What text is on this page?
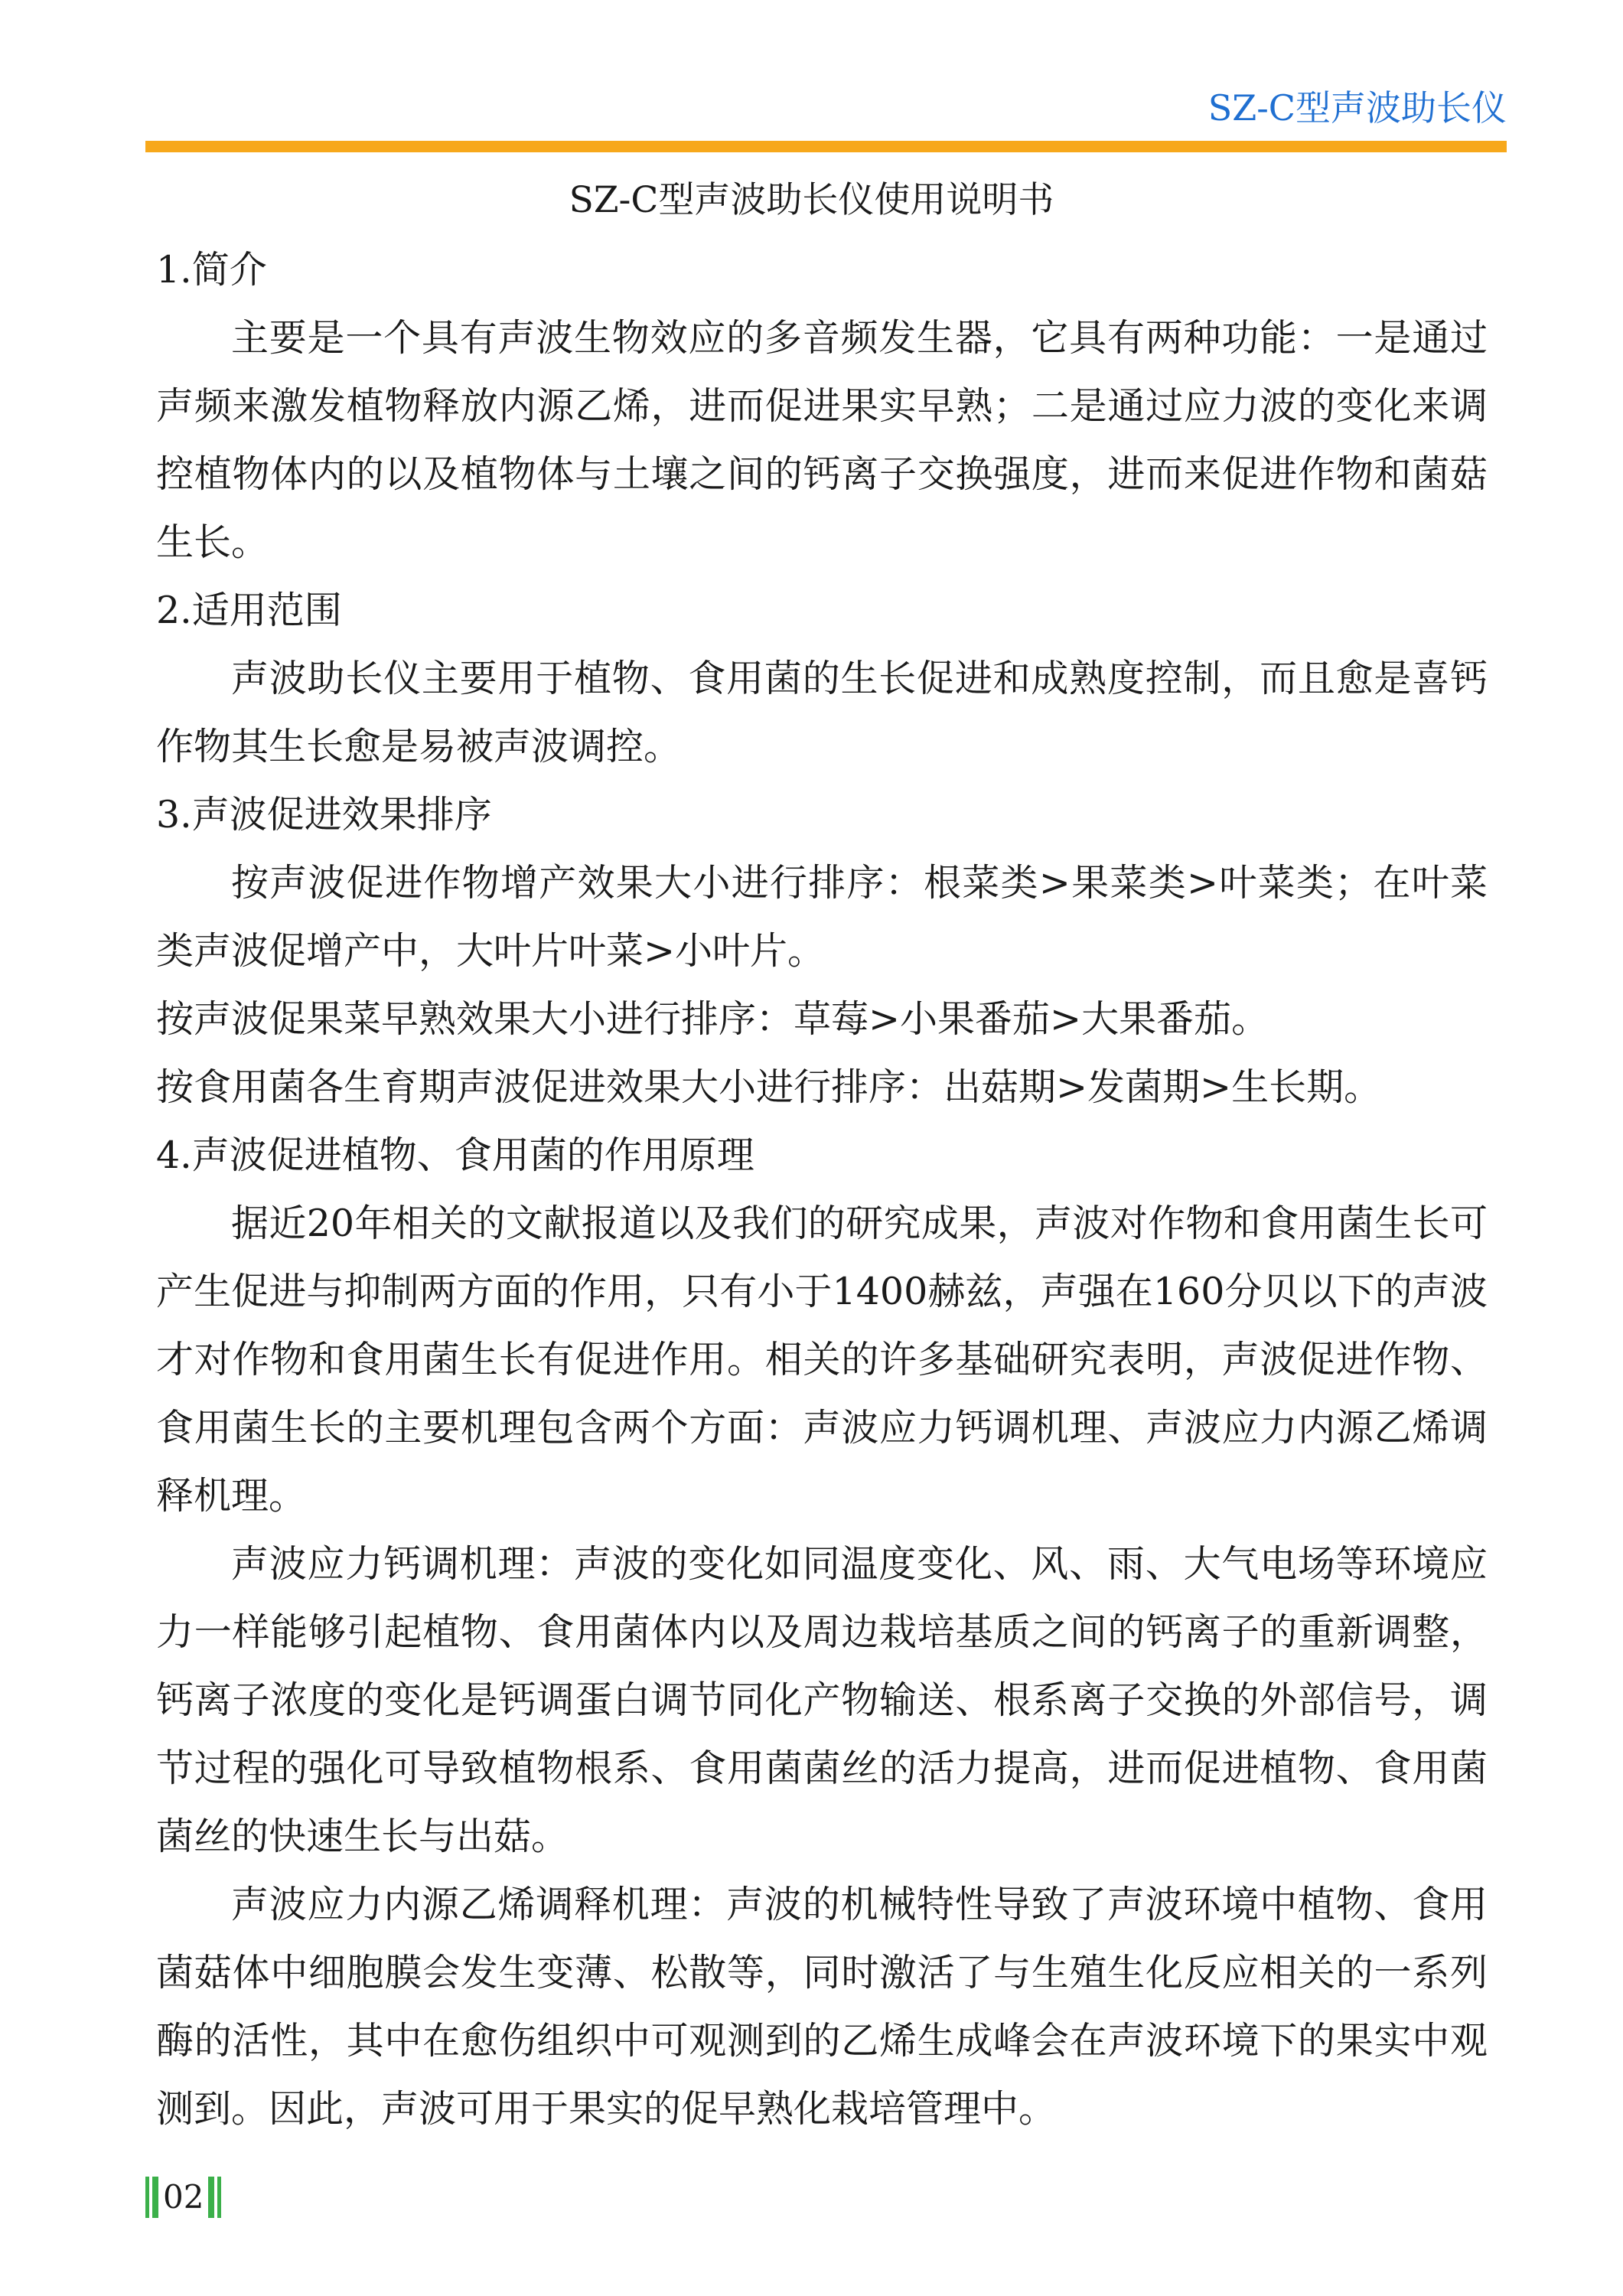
SZ-C型声波助长仪
SZ-C型声波助长仪使用说明书

1.简介

主要是一个具有声波生物效应的多音频发生器，它具有两种功能：一是通过声频来激发植物释放内源乙烯，进而促进果实早熟；二是通过应力波的变化来调控植物体内的以及植物体与土壤之间的钙离子交换强度，进而来促进作物和菌菇生长。

2.适用范围

声波助长仪主要用于植物、食用菌的生长促进和成熟度控制，而且愈是喜钙作物其生长愈是易被声波调控。

3.声波促进效果排序

按声波促进作物增产效果大小进行排序：根菜类>果菜类>叶菜类；在叶菜类声波促增产中，大叶片叶菜>小叶片。

按声波促果菜早熟效果大小进行排序：草莓>小果番茄>大果番茄。

按食用菌各生育期声波促进效果大小进行排序：出菇期>发菌期>生长期。

4.声波促进植物、食用菌的作用原理

据近20年相关的文献报道以及我们的研究成果，声波对作物和食用菌生长可产生促进与抑制两方面的作用，只有小于1400赫兹，声强在160分贝以下的声波才对作物和食用菌生长有促进作用。相关的许多基础研究表明，声波促进作物、食用菌生长的主要机理包含两个方面：声波应力钙调机理、声波应力内源乙烯调释机理。

声波应力钙调机理：声波的变化如同温度变化、风、雨、大气电场等环境应力一样能够引起植物、食用菌体内以及周边栽培基质之间的钙离子的重新调整，钙离子浓度的变化是钙调蛋白调节同化产物输送、根系离子交换的外部信号，调节过程的强化可导致植物根系、食用菌菌丝的活力提高，进而促进植物、食用菌菌丝的快速生长与出菇。

声波应力内源乙烯调释机理：声波的机械特性导致了声波环境中植物、食用菌菇体中细胞膜会发生变薄、松散等，同时激活了与生殖生化反应相关的一系列酶的活性，其中在愈伤组织中可观测到的乙烯生成峰会在声波环境下的果实中观测到。因此，声波可用于果实的促早熟化栽培管理中。

02
